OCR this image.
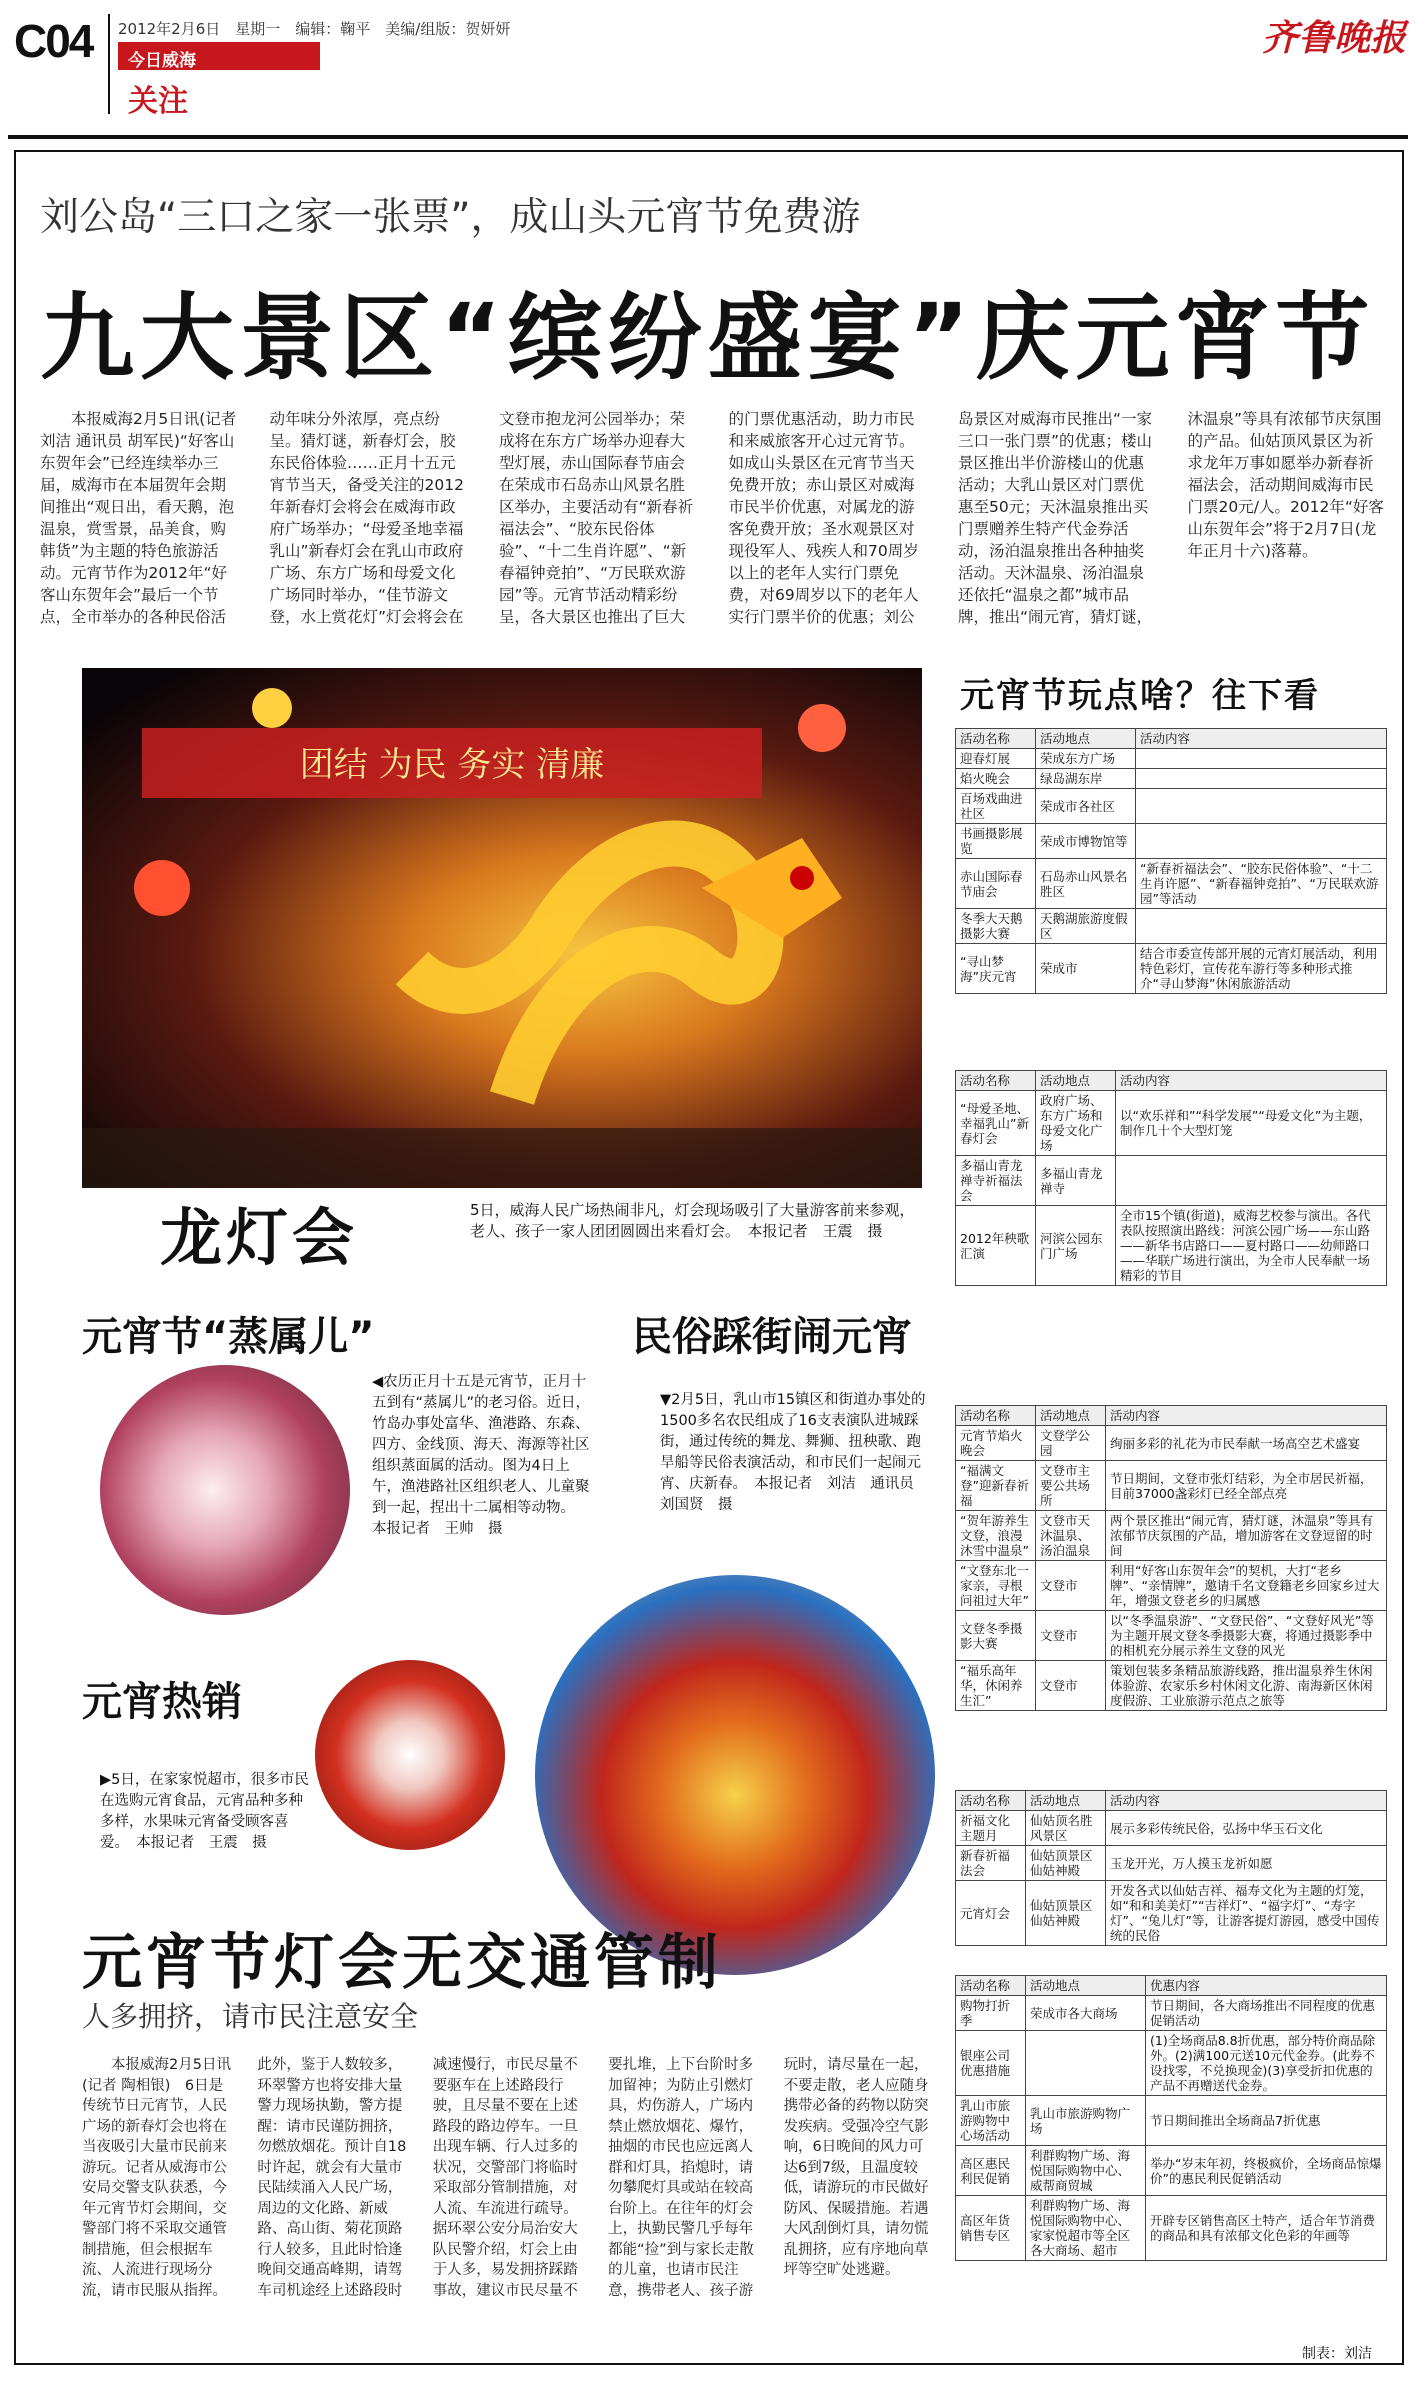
C04 2012年2月6日　星期一　编辑：鞠平　美编/组版：贺妍妍
今日威海
关注
齐鲁晚报
刘公岛“三口之家一张票”，成山头元宵节免费游
九大景区“缤纷盛宴”庆元宵节
本报威海2月5日讯(记者 刘洁 通讯员 胡军民)“好客山东贺年会”已经连续举办三届，威海市在本届贺年会期间推出“观日出，看天鹅，泡温泉，赏雪景，品美食，购韩货”为主题的特色旅游活动。元宵节作为2012年“好客山东贺年会”最后一个节点，全市举办的各种民俗活动年味分外浓厚，亮点纷呈。猜灯谜，新春灯会，胶东民俗体验……正月十五元宵节当天，备受关注的2012年新春灯会将会在威海市政府广场举办；“母爱圣地幸福乳山”新春灯会在乳山市政府广场、东方广场和母爱文化广场同时举办，“佳节游文登，水上赏花灯”灯会将会在文登市抱龙河公园举办；荣成将在东方广场举办迎春大型灯展，赤山国际春节庙会在荣成市石岛赤山风景名胜区举办，主要活动有“新春祈福法会”、“胶东民俗体验”、“十二生肖许愿”、“新春福钟竞拍”、“万民联欢游园”等。元宵节活动精彩纷呈，各大景区也推出了巨大的门票优惠活动，助力市民和来威旅客开心过元宵节。如成山头景区在元宵节当天免费开放；赤山景区对威海市民半价优惠，对属龙的游客免费开放；圣水观景区对现役军人、残疾人和70周岁以上的老年人实行门票免费，对69周岁以下的老年人实行门票半价的优惠；刘公岛景区对威海市民推出“一家三口一张门票”的优惠；楼山景区推出半价游楼山的优惠活动；大乳山景区对门票优惠至50元；天沐温泉推出买门票赠养生特产代金券活动，汤泊温泉推出各种抽奖活动。天沐温泉、汤泊温泉还依托“温泉之都”城市品牌，推出“闹元宵，猜灯谜，沐温泉”等具有浓郁节庆氛围的产品。仙姑顶风景区为祈求龙年万事如愿举办新春祈福法会，活动期间威海市民门票20元/人。2012年“好客山东贺年会”将于2月7日(龙年正月十六)落幕。
团结 为民 务实 清廉
龙灯会	5日，威海人民广场热闹非凡，灯会现场吸引了大量游客前来参观，老人、孩子一家人团团圆圆出来看灯会。　本报记者　王震　摄
元宵节玩点啥？往下看
活动名称	活动地点	活动内容
迎春灯展	荣成东方广场	
焰火晚会	绿岛湖东岸	
百场戏曲进社区	荣成市各社区	
书画摄影展览	荣成市博物馆等	
赤山国际春节庙会	石岛赤山风景名胜区	“新春祈福法会”、“胶东民俗体验”、“十二生肖许愿”、“新春福钟竞拍”、“万民联欢游园”等活动
冬季大天鹅摄影大赛	天鹅湖旅游度假区	
“寻山梦海”庆元宵	荣成市	结合市委宣传部开展的元宵灯展活动，利用特色彩灯，宣传花车游行等多种形式推介“寻山梦海”休闲旅游活动
活动名称	活动地点	活动内容
“母爱圣地、幸福乳山”新春灯会	政府广场、东方广场和母爱文化广场	以“欢乐祥和”“科学发展”“母爱文化”为主题，制作几十个大型灯笼
多福山青龙禅寺祈福法会	多福山青龙禅寺	
2012年秧歌汇演	河滨公园东门广场	全市15个镇(街道)，威海艺校参与演出。各代表队按照演出路线：河滨公园广场——东山路——新华书店路口——夏村路口——幼师路口——华联广场进行演出，为全市人民奉献一场精彩的节目
活动名称	活动地点	活动内容
元宵节焰火晚会	文登学公园	绚丽多彩的礼花为市民奉献一场高空艺术盛宴
“福满文登”迎新春祈福	文登市主要公共场所	节日期间，文登市张灯结彩，为全市居民祈福，目前37000盏彩灯已经全部点亮
“贺年游养生文登，浪漫沐雪中温泉”	文登市天沐温泉、汤泊温泉	两个景区推出“闹元宵，猜灯谜，沐温泉”等具有浓郁节庆氛围的产品，增加游客在文登逗留的时间
“文登东北一家亲，寻根问祖过大年”	文登市	利用“好客山东贺年会”的契机，大打“老乡牌”、“亲情牌”，邀请千名文登籍老乡回家乡过大年，增强文登老乡的归属感
文登冬季摄影大赛	文登市	以“冬季温泉游”、“文登民俗”、“文登好风光”等为主题开展文登冬季摄影大赛，将通过摄影季中的相机充分展示养生文登的风光
“福乐高年华，休闲养生汇”	文登市	策划包装多条精品旅游线路，推出温泉养生休闲体验游、农家乐乡村休闲文化游、南海新区休闲度假游、工业旅游示范点之旅等
活动名称	活动地点	活动内容
祈福文化主题月	仙姑顶名胜风景区	展示多彩传统民俗，弘扬中华玉石文化
新春祈福法会	仙姑顶景区仙姑神殿	玉龙开光，万人摸玉龙祈如愿
元宵灯会	仙姑顶景区仙姑神殿	开发各式以仙姑吉祥、福寿文化为主题的灯笼，如“和和美美灯”“吉祥灯”、“福字灯”、“寿字灯”、“兔儿灯”等，让游客提灯游园，感受中国传统的民俗
活动名称	活动地点	优惠内容
购物打折季	荣成市各大商场	节日期间，各大商场推出不同程度的优惠促销活动
银座公司优惠措施		(1)全场商品8.8折优惠，部分特价商品除外。(2)满100元送10元代金券。(此券不设找零，不兑换现金)(3)享受折扣优惠的产品不再赠送代金券。
乳山市旅游购物中心场活动	乳山市旅游购物广场	节日期间推出全场商品7折优惠
高区惠民利民促销	利群购物广场、海悦国际购物中心、威帮商贸城	举办“岁末年初，终极疯价，全场商品惊爆价”的惠民利民促销活动
高区年货销售专区	利群购物广场、海悦国际购物中心、家家悦超市等全区各大商场、超市	开辟专区销售高区土特产，适合年节消费的商品和具有浓郁文化色彩的年画等
制表：刘洁
元宵节“蒸属儿”
◀农历正月十五是元宵节，正月十五到有“蒸属儿”的老习俗。近日，竹岛办事处富华、渔港路、东森、四方、金线顶、海天、海源等社区组织蒸面属的活动。图为4日上午，渔港路社区组织老人、儿童聚到一起，捏出十二属相等动物。　本报记者　王帅　摄
民俗踩街闹元宵
▼2月5日，乳山市15镇区和街道办事处的1500多名农民组成了16支表演队进城踩街，通过传统的舞龙、舞狮、扭秧歌、跑旱船等民俗表演活动，和市民们一起闹元宵、庆新春。　本报记者　刘洁　通讯员　刘国贤　摄
元宵热销
▶5日，在家家悦超市，很多市民在选购元宵食品，元宵品种多种多样，水果味元宵备受顾客喜爱。　本报记者　王震　摄
元宵节灯会无交通管制
人多拥挤，请市民注意安全
本报威海2月5日讯(记者 陶相银)　6日是传统节日元宵节，人民广场的新春灯会也将在当夜吸引大量市民前来游玩。记者从威海市公安局交警支队获悉，今年元宵节灯会期间，交警部门将不采取交通管制措施，但会根据车流、人流进行现场分流，请市民服从指挥。此外，鉴于人数较多，环翠警方也将安排大量警力现场执勤，警方提醒：请市民谨防拥挤，勿燃放烟花。预计自18时许起，就会有大量市民陆续涌入人民广场，周边的文化路、新威路、高山街、菊花顶路行人较多，且此时恰逢晚间交通高峰期，请驾车司机途经上述路段时减速慢行，市民尽量不要驱车在上述路段行驶，且尽量不要在上述路段的路边停车。一旦出现车辆、行人过多的状况，交警部门将临时采取部分管制措施，对人流、车流进行疏导。据环翠公安分局治安大队民警介绍，灯会上由于人多，易发拥挤踩踏事故，建议市民尽量不要扎堆，上下台阶时多加留神；为防止引燃灯具，灼伤游人，广场内禁止燃放烟花、爆竹，抽烟的市民也应远离人群和灯具，掐熄时，请勿攀爬灯具或站在较高台阶上。在往年的灯会上，执勤民警几乎每年都能“捡”到与家长走散的儿童，也请市民注意，携带老人、孩子游玩时，请尽量在一起，不要走散，老人应随身携带必备的药物以防突发疾病。受强冷空气影响，6日晚间的风力可达6到7级，且温度较低，请游玩的市民做好防风、保暖措施。若遇大风刮倒灯具，请勿慌乱拥挤，应有序地向草坪等空旷处逃避。
